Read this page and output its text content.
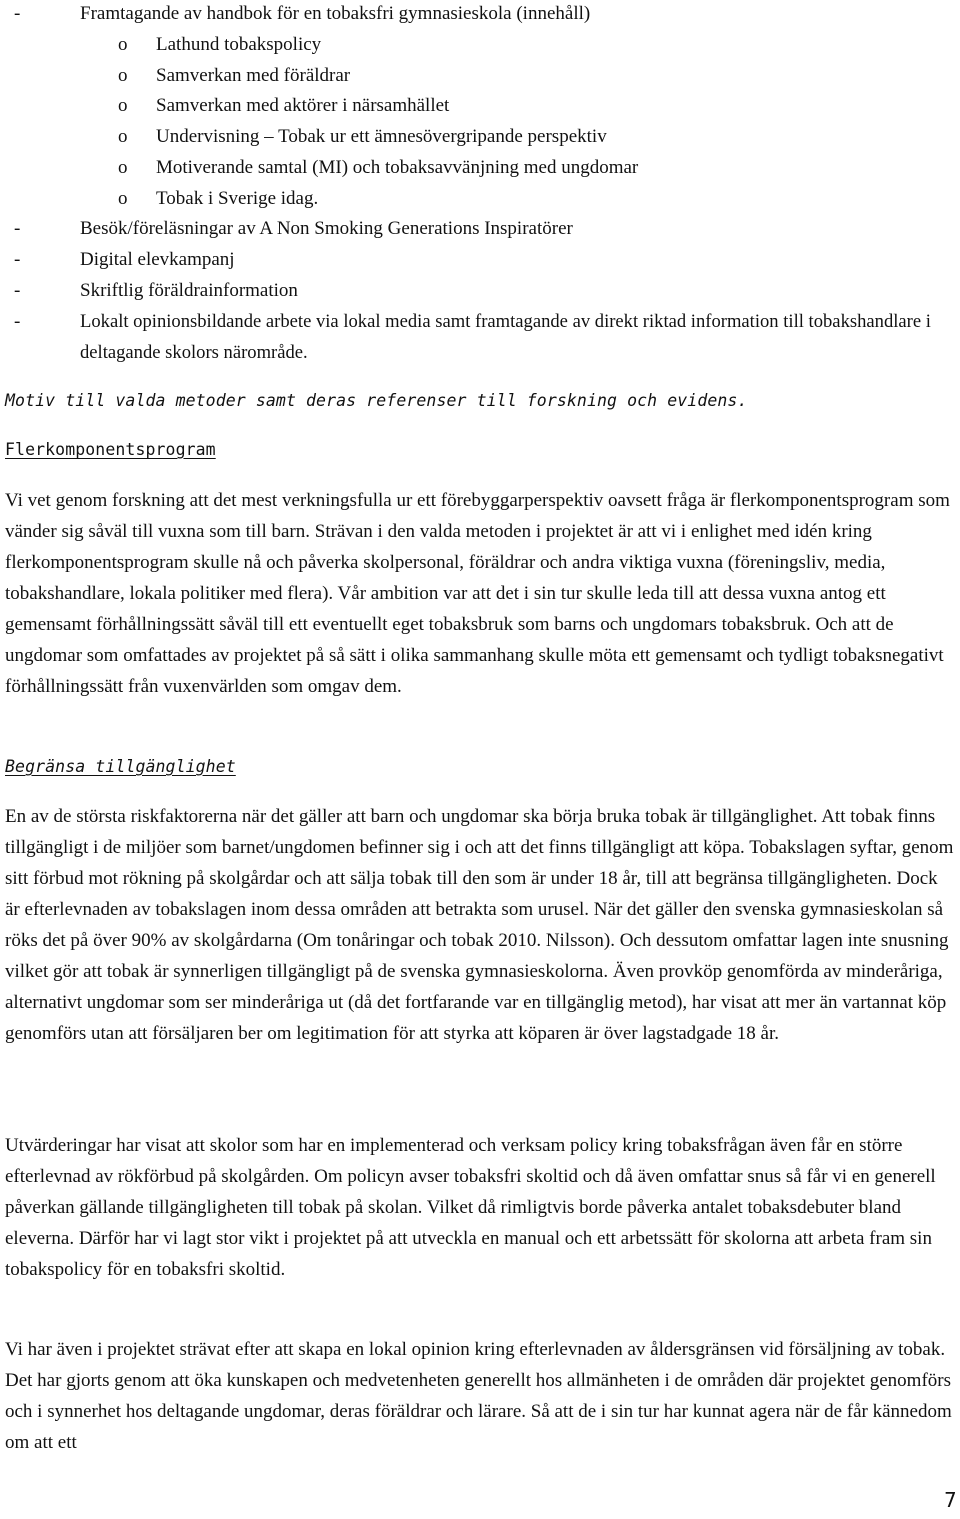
-	Framtagande av handbok för en tobaksfri gymnasieskola (innehåll)
o Lathund tobakspolicy
o Samverkan med föräldrar
o Samverkan med aktörer i närsamhället
o Undervisning – Tobak ur ett ämnesövergripande perspektiv
o Motiverande samtal (MI) och tobaksavvänjning med ungdomar
o Tobak i Sverige idag.
-	Besök/föreläsningar av A Non Smoking Generations Inspiratörer
-	Digital elevkampanj
-	Skriftlig föräldrainformation
-	Lokalt opinionsbildande arbete via lokal media samt framtagande av direkt riktad information till tobakshandlare i deltagande skolors närområde.
Motiv till valda metoder samt deras referenser till forskning och evidens.
Flerkomponentsprogram
Vi vet genom forskning att det mest verkningsfulla ur ett förebyggarperspektiv oavsett fråga är flerkomponentsprogram som vänder sig såväl till vuxna som till barn. Strävan i den valda metoden i projektet är att vi i enlighet med idén kring flerkomponentsprogram skulle nå och påverka skolpersonal, föräldrar och andra viktiga vuxna (föreningsliv, media, tobakshandlare, lokala politiker med flera). Vår ambition var att det i sin tur skulle leda till att dessa vuxna antog ett gemensamt förhållningssätt såväl till ett eventuellt eget tobaksbruk som barns och ungdomars tobaksbruk. Och att de ungdomar som omfattades av projektet på så sätt i olika sammanhang skulle möta ett gemensamt och tydligt tobaksnegativt förhållningssätt från vuxenvärlden som omgav dem.
Begränsa tillgänglighet
En av de största riskfaktorerna när det gäller att barn och ungdomar ska börja bruka tobak är tillgänglighet. Att tobak finns tillgängligt i de miljöer som barnet/ungdomen befinner sig i och att det finns tillgängligt att köpa. Tobakslagen syftar, genom sitt förbud mot rökning på skolgårdar och att sälja tobak till den som är under 18 år, till att begränsa tillgängligheten. Dock är efterlevnaden av tobakslagen inom dessa områden att betrakta som urusel. När det gäller den svenska gymnasieskolan så röks det på över 90% av skolgårdarna (Om tonåringar och tobak 2010. Nilsson). Och dessutom omfattar lagen inte snusning vilket gör att tobak är synnerligen tillgängligt på de svenska gymnasieskolorna. Även provköp genomförda av minderåriga, alternativt ungdomar som ser minderåriga ut (då det fortfarande var en tillgänglig metod), har visat att mer än vartannat köp genomförs utan att försäljaren ber om legitimation för att styrka att köparen är över lagstadgade 18 år.
Utvärderingar har visat att skolor som har en implementerad och verksam policy kring tobaksfrågan även får en större efterlevnad av rökförbud på skolgården. Om policyn avser tobaksfri skoltid och då även omfattar snus så får vi en generell påverkan gällande tillgängligheten till tobak på skolan. Vilket då rimligtvis borde påverka antalet tobaksdebuter bland eleverna. Därför har vi lagt stor vikt i projektet på att utveckla en manual och ett arbetssätt för skolorna att arbeta fram sin tobakspolicy för en tobaksfri skoltid.
Vi har även i projektet strävat efter att skapa en lokal opinion kring efterlevnaden av åldersgränsen vid försäljning av tobak. Det har gjorts genom att öka kunskapen och medvetenheten generellt hos allmänheten i de områden där projektet genomförs och i synnerhet hos deltagande ungdomar, deras föräldrar och lärare. Så att de i sin tur har kunnat agera när de får kännedom om att ett
7
